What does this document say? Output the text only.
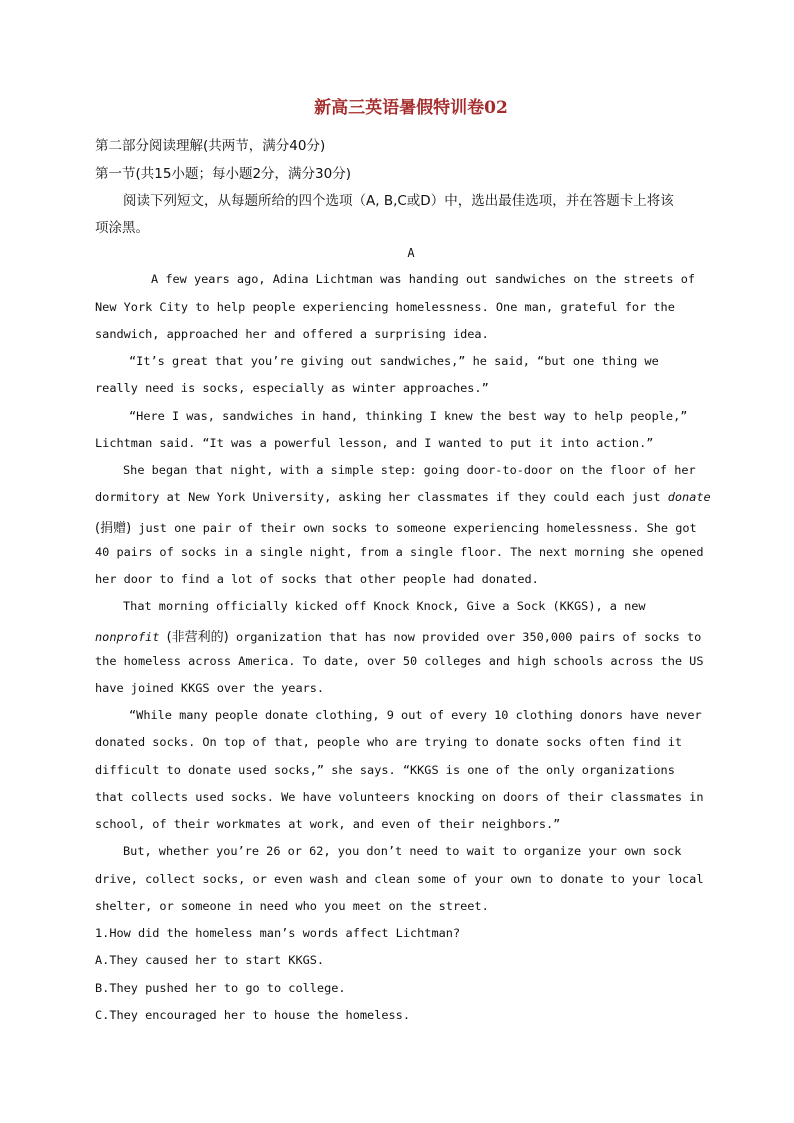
新高三英语暑假特训卷02
第二部分阅读理解(共两节，满分40分)
第一节(共15小题；每小题2分，满分30分)
阅读下列短文，从每题所给的四个选项（A, B,C或D）中，选出最佳选项，并在答题卡上将该
项涂黑。
A
A few years ago, Adina Lichtman was handing out sandwiches on the streets of
New York City to help people experiencing homelessness. One man, grateful for the
sandwich, approached her and offered a surprising idea.
“It’s great that you’re giving out sandwiches,” he said, “but one thing we
really need is socks, especially as winter approaches.”
“Here I was, sandwiches in hand, thinking I knew the best way to help people,”
Lichtman said. “It was a powerful lesson, and I wanted to put it into action.”
She began that night, with a simple step: going door-to-door on the floor of her
dormitory at New York University, asking her classmates if they could each just donate
(捐赠) just one pair of their own socks to someone experiencing homelessness. She got
40 pairs of socks in a single night, from a single floor. The next morning she opened
her door to find a lot of socks that other people had donated.
That morning officially kicked off Knock Knock, Give a Sock (KKGS), a new
nonprofit (非营利的) organization that has now provided over 350,000 pairs of socks to
the homeless across America. To date, over 50 colleges and high schools across the US
have joined KKGS over the years.
“While many people donate clothing, 9 out of every 10 clothing donors have never
donated socks. On top of that, people who are trying to donate socks often find it
difficult to donate used socks,” she says. “KKGS is one of the only organizations
that collects used socks. We have volunteers knocking on doors of their classmates in
school, of their workmates at work, and even of their neighbors.”
But, whether you’re 26 or 62, you don’t need to wait to organize your own sock
drive, collect socks, or even wash and clean some of your own to donate to your local
shelter, or someone in need who you meet on the street.
1.How did the homeless man’s words affect Lichtman?
A.They caused her to start KKGS.
B.They pushed her to go to college.
C.They encouraged her to house the homeless.
